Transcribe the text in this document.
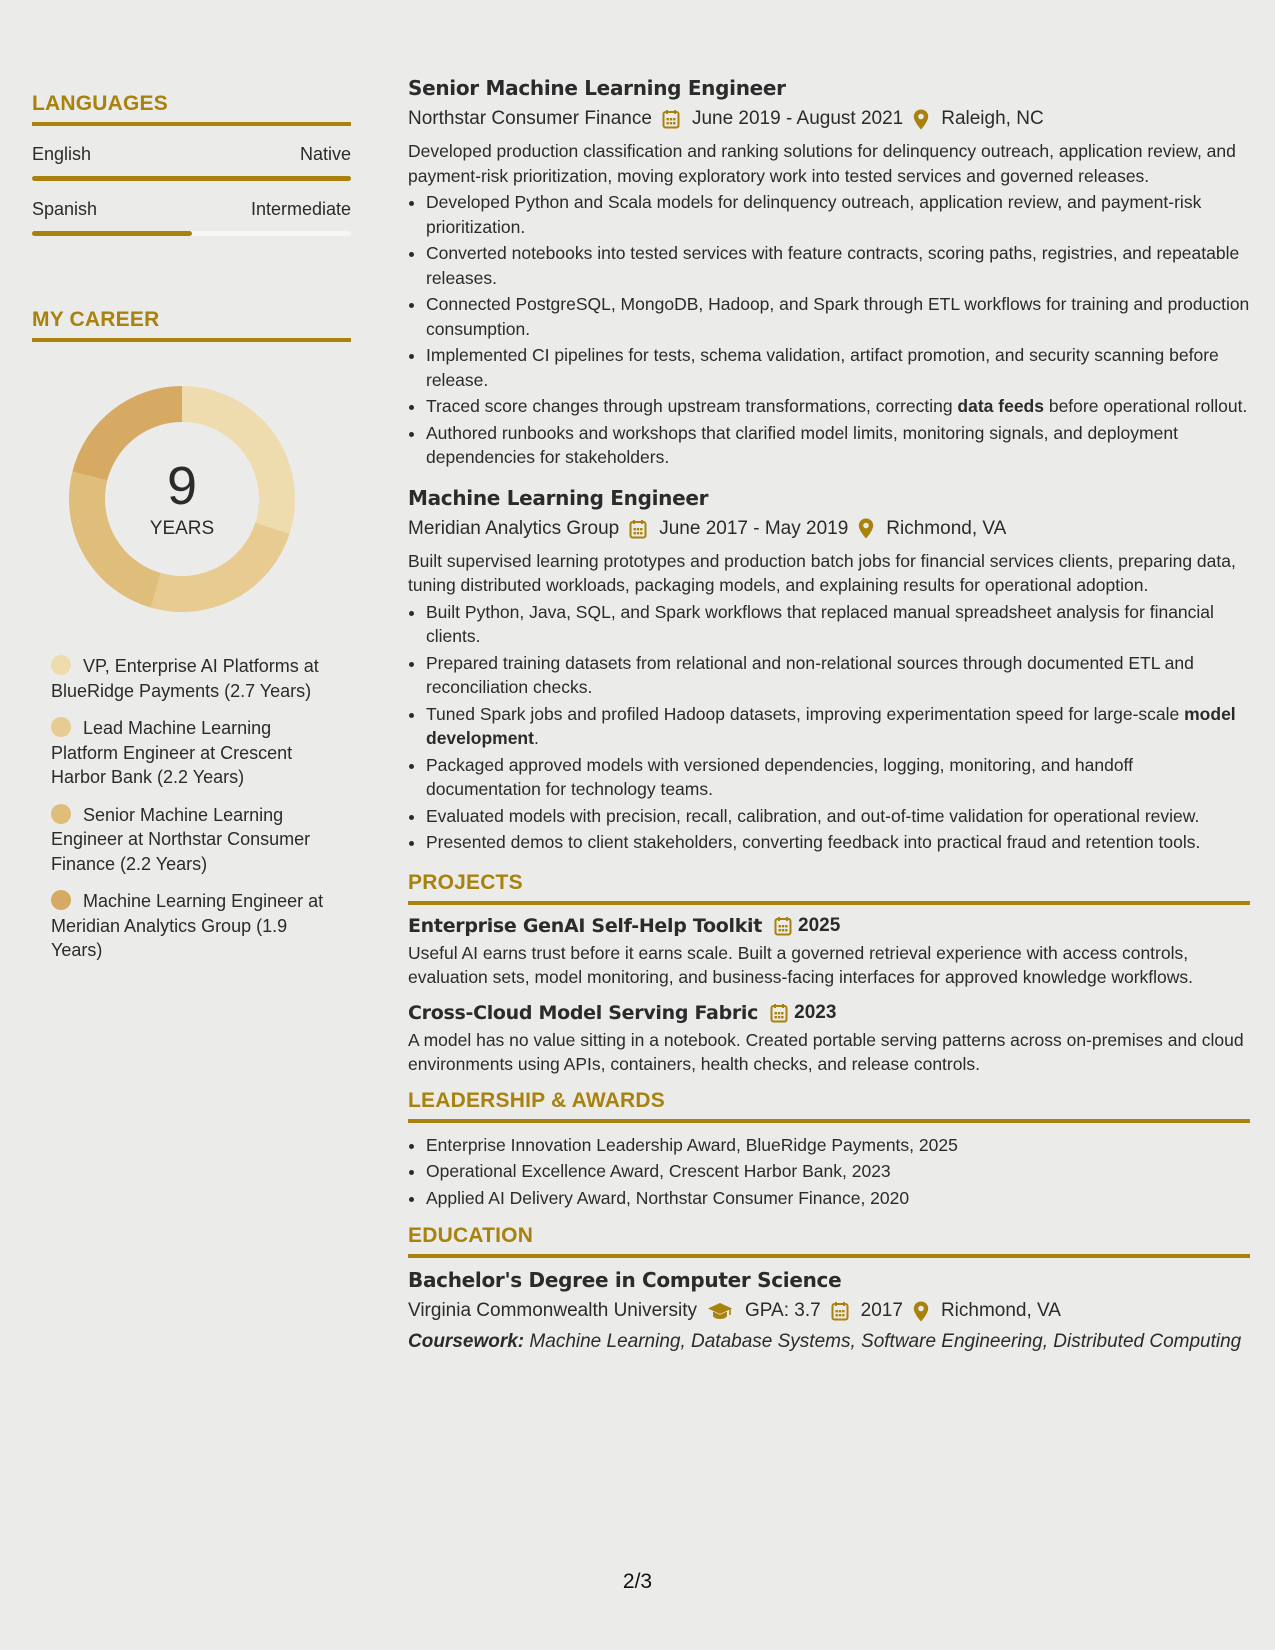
LANGUAGES
English	Native
Spanish	Intermediate
MY CAREER
9
YEARS
VP, Enterprise AI Platforms at BlueRidge Payments (2.7 Years)
Lead Machine Learning Platform Engineer at Crescent Harbor Bank (2.2 Years)
Senior Machine Learning Engineer at Northstar Consumer Finance (2.2 Years)
Machine Learning Engineer at Meridian Analytics Group (1.9 Years)
Senior Machine Learning Engineer
Northstar Consumer Finance June 2019 - August 2021 Raleigh, NC
Developed production classification and ranking solutions for delinquency outreach, application review, and payment-risk prioritization, moving exploratory work into tested services and governed releases.
• Developed Python and Scala models for delinquency outreach, application review, and payment-risk prioritization.
• Converted notebooks into tested services with feature contracts, scoring paths, registries, and repeatable releases.
• Connected PostgreSQL, MongoDB, Hadoop, and Spark through ETL workflows for training and production consumption.
• Implemented CI pipelines for tests, schema validation, artifact promotion, and security scanning before release.
• Traced score changes through upstream transformations, correcting data feeds before operational rollout.
• Authored runbooks and workshops that clarified model limits, monitoring signals, and deployment dependencies for stakeholders.
Machine Learning Engineer
Meridian Analytics Group June 2017 - May 2019 Richmond, VA
Built supervised learning prototypes and production batch jobs for financial services clients, preparing data, tuning distributed workloads, packaging models, and explaining results for operational adoption.
• Built Python, Java, SQL, and Spark workflows that replaced manual spreadsheet analysis for financial clients.
• Prepared training datasets from relational and non-relational sources through documented ETL and reconciliation checks.
• Tuned Spark jobs and profiled Hadoop datasets, improving experimentation speed for large-scale model development.
• Packaged approved models with versioned dependencies, logging, monitoring, and handoff documentation for technology teams.
• Evaluated models with precision, recall, calibration, and out-of-time validation for operational review.
• Presented demos to client stakeholders, converting feedback into practical fraud and retention tools.
PROJECTS
Enterprise GenAI Self-Help Toolkit 2025
Useful AI earns trust before it earns scale. Built a governed retrieval experience with access controls, evaluation sets, model monitoring, and business-facing interfaces for approved knowledge workflows.
Cross-Cloud Model Serving Fabric 2023
A model has no value sitting in a notebook. Created portable serving patterns across on-premises and cloud environments using APIs, containers, health checks, and release controls.
LEADERSHIP & AWARDS
• Enterprise Innovation Leadership Award, BlueRidge Payments, 2025
• Operational Excellence Award, Crescent Harbor Bank, 2023
• Applied AI Delivery Award, Northstar Consumer Finance, 2020
EDUCATION
Bachelor's Degree in Computer Science
Virginia Commonwealth University	GPA: 3.7 2017 Richmond, VA
Coursework: Machine Learning, Database Systems, Software Engineering, Distributed Computing
2/3
